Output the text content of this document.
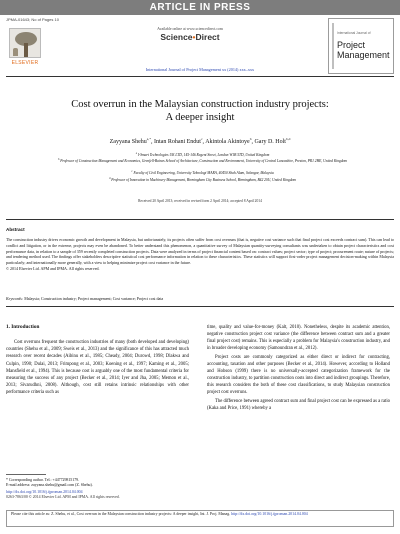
ARTICLE IN PRESS
JPMA-01643; No of Pages 10
ELSEVIER
Available online at www.sciencedirect.com
Science•Direct	International Journal of
Project
Management
International Journal of Project Management xx (2014) xxx–xxx
Cost overrun in the Malaysian construction industry projects:
A deeper insight
Zayyana Shehu$^{a,*}$, Intan Rohani Endut$^c$, Akintola Akintoye$^b$, Gary D. Holt$^{b,d}$
$^a$ I-Smart Technologies UK LTD, 145-146 Regent Street, London W1B 5TD, United Kingdom
$^b$ Professor of Construction Management and Economics, Grenfell-Baines School of Architecture, Construction and Environment, University of Central Lancashire, Preston, PR1 2HE, United Kingdom
$^c$ Faculty of Civil Engineering, University Teknologi MARA, 40450 Shah Alam, Selangor, Malaysia
$^d$ Professor of Innovation in Machinery Management, Birmingham City Business School, Birmingham, B42 2SU, United Kingdom
Received 20 April 2013; received in revised form 2 April 2014; accepted 8 April 2014
Abstract
The construction industry drives economic growth and development in Malaysia, but unfortunately, its projects often suffer from cost overruns (that is, negative cost variance such that final project cost exceeds contract sum). This can lead to conflict and litigation, or in the extreme, projects may even be abandoned. To better understand this phenomenon, a quantitative survey of Malaysian quantity-surveying consultants was undertaken to obtain project characteristics and cost performance data, in relation to a sample of 359 recently completed construction projects. Data were analyzed in terms of project financial content based on: contract values; project sector; type of project; procurement route; nature of projects; and tendering method used. The findings offer stakeholders descriptive statistical cost performance information in relation to these characteristics. These statistics will support first-order project management decision-making within Malaysia particularly; and internationally more generally, with a view to helping minimize project cost variance in the future.
© 2014 Elsevier Ltd. APM and IPMA. All rights reserved.
Keywords: Malaysia; Construction industry; Project management; Cost variance; Project cost data
1. Introduction
Cost overruns frequent the construction industries of many (both developed and developing) countries (Shehu et al., 2009; Sweis et al., 2013) and the significance of this has attracted much research over recent decades (Aibinu et al., 1985; Cheady, 2004; Durowd, 1998; Dlakwa and Culpin, 1990; Dulai, 2013; Frimpong et al., 2003; Koening et al., 1997; Kaming et al., 2005; Mansfield et al., 1994). This is because cost is arguably one of the most fundamental criteria for measuring the success of any project (Becker et al., 2014; Iyer and Jha, 2005; Memon et al., 2013; Sivarudhni, 2008). Although, cost still retains intrinsic relationships with other performance criteria such as
time, quality and value-for-money (Kalt, 2010). Nonetheless, despite its academic attention, negative construction project cost variance (the difference between contract sum and a greater final project cost) remains. This is especially a problem for Malaysia's construction industry, and in broader developing economy (Samoundran et al., 2012).
Project costs are commonly categorized as either direct or indirect for contracting, accounting, taxation and other purposes (Becker et al., 2014). However, according to Holland and Hobson (1999) there is no universally-accepted categorization framework for the construction industry, to partition construction costs into direct and indirect groupings. Therefore, this research considers the both of these cost classifications, to study Malaysian construction project cost overruns.
The difference between agreed contract sum and final project cost can be expressed as a ratio (Kaka and Price, 1991) whereby a
* Corresponding author. Tel.: +447729815179.
E-mail address: zayyana.shehu@gmail.com (Z. Shehu).
http://dx.doi.org/10.1016/j.ijproman.2014.04.004
0263-7863/00 © 2014 Elsevier Ltd. APM and IPMA. All rights reserved.
Please cite this article as: Z. Shehu, et al., Cost overrun in the Malaysian construction industry projects: A deeper insight, Int. J. Proj. Manag. http://dx.doi.org/10.1016/j.ijproman.2014.04.004
